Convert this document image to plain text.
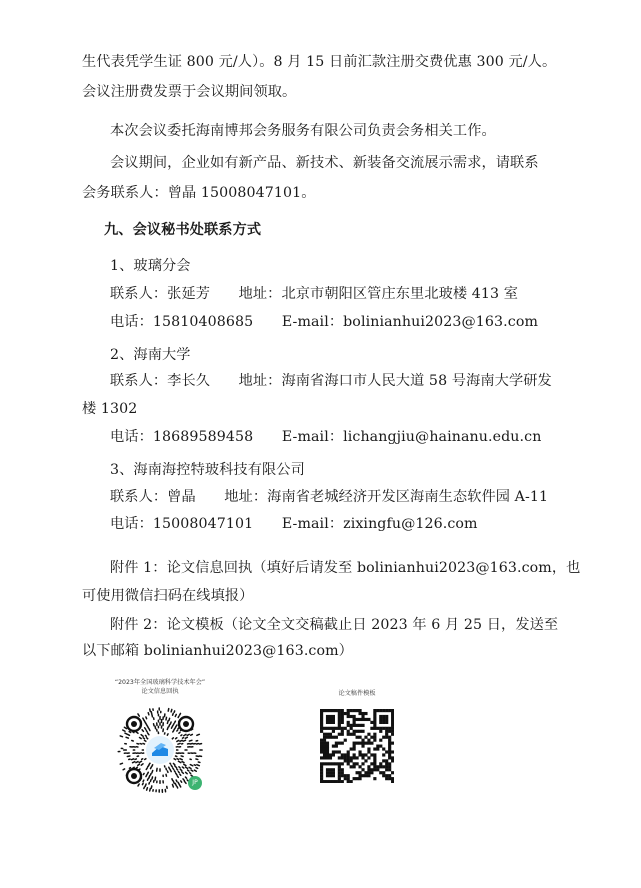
生代表凭学生证 800 元/人）。8 月 15 日前汇款注册交费优惠 300 元/人。
会议注册费发票于会议期间领取。
本次会议委托海南博邦会务服务有限公司负责会务相关工作。
会议期间，企业如有新产品、新技术、新装备交流展示需求，请联系
会务联系人：曾晶 15008047101。
九、会议秘书处联系方式
1、玻璃分会
联系人：张延芳　　地址：北京市朝阳区管庄东里北玻楼 413 室
电话：15810408685　　E-mail：bolinianhui2023@163.com
2、海南大学
联系人：李长久　　地址：海南省海口市人民大道 58 号海南大学研发
楼 1302
电话：18689589458　　E-mail：lichangjiu@hainanu.edu.cn
3、海南海控特玻科技有限公司
联系人：曾晶　　地址：海南省老城经济开发区海南生态软件园 A-11
电话：15008047101　　E-mail：zixingfu@126.com
附件 1：论文信息回执（填好后请发至 bolinianhui2023@163.com，也
可使用微信扫码在线填报）
附件 2：论文模板（论文全文交稿截止日 2023 年 6 月 25 日，发送至
以下邮箱 bolinianhui2023@163.com）
“2023年全国玻璃科学技术年会”
论文信息回执
JP
论文稿件模板
